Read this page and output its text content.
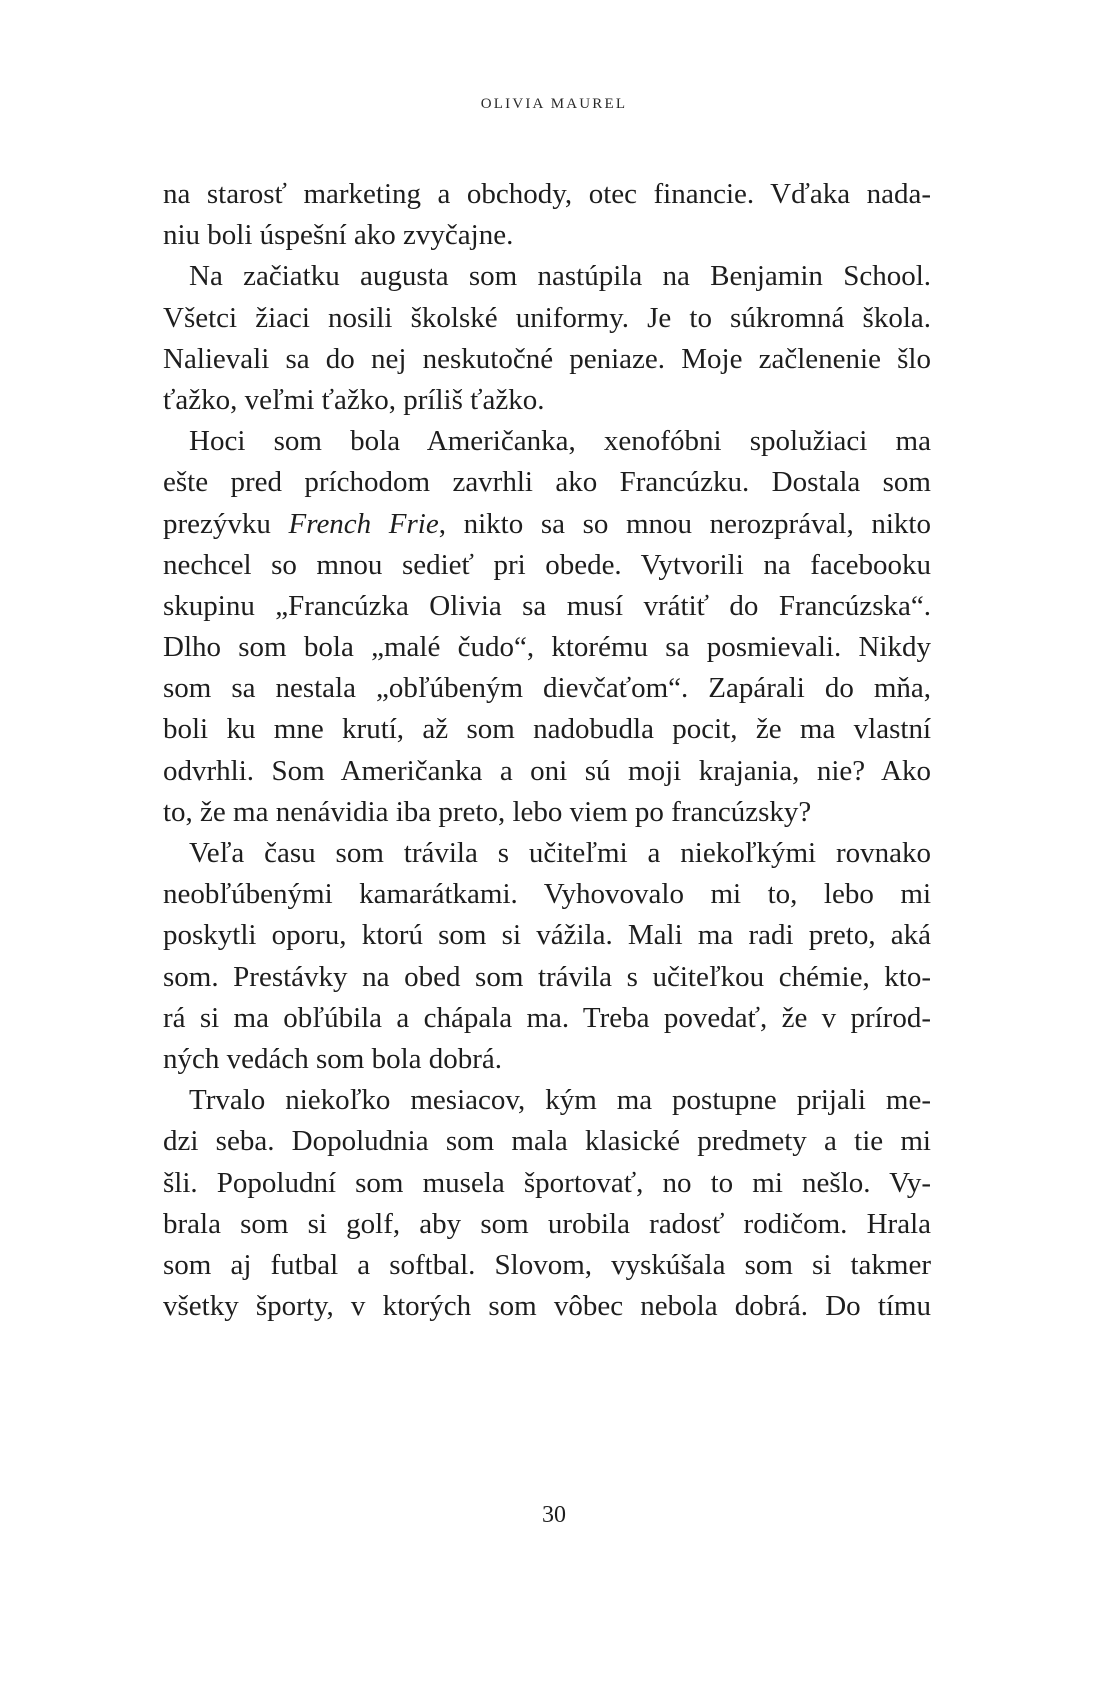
OLIVIA MAUREL
na starosť marketing a obchody, otec financie. Vďaka nada-
niu boli úspešní ako zvyčajne.
Na začiatku augusta som nastúpila na Benjamin School.
Všetci žiaci nosili školské uniformy. Je to súkromná škola.
Nalievali sa do nej neskutočné peniaze. Moje začlenenie šlo
ťažko, veľmi ťažko, príliš ťažko.
Hoci som bola Američanka, xenofóbni spolužiaci ma
ešte pred príchodom zavrhli ako Francúzku. Dostala som
prezývku French Frie, nikto sa so mnou nerozprával, nikto
nechcel so mnou sedieť pri obede. Vytvorili na facebooku
skupinu „Francúzka Olivia sa musí vrátiť do Francúzska“.
Dlho som bola „malé čudo“, ktorému sa posmievali. Nikdy
som sa nestala „obľúbeným dievčaťom“. Zapárali do mňa,
boli ku mne krutí, až som nadobudla pocit, že ma vlastní
odvrhli. Som Američanka a oni sú moji krajania, nie? Ako
to, že ma nenávidia iba preto, lebo viem po francúzsky?
Veľa času som trávila s učiteľmi a niekoľkými rovnako
neobľúbenými kamarátkami. Vyhovovalo mi to, lebo mi
poskytli oporu, ktorú som si vážila. Mali ma radi preto, aká
som. Prestávky na obed som trávila s učiteľkou chémie, kto-
rá si ma obľúbila a chápala ma. Treba povedať, že v prírod-
ných vedách som bola dobrá.
Trvalo niekoľko mesiacov, kým ma postupne prijali me-
dzi seba. Dopoludnia som mala klasické predmety a tie mi
šli. Popoludní som musela športovať, no to mi nešlo. Vy-
brala som si golf, aby som urobila radosť rodičom. Hrala
som aj futbal a softbal. Slovom, vyskúšala som si takmer
všetky športy, v ktorých som vôbec nebola dobrá. Do tímu
30
